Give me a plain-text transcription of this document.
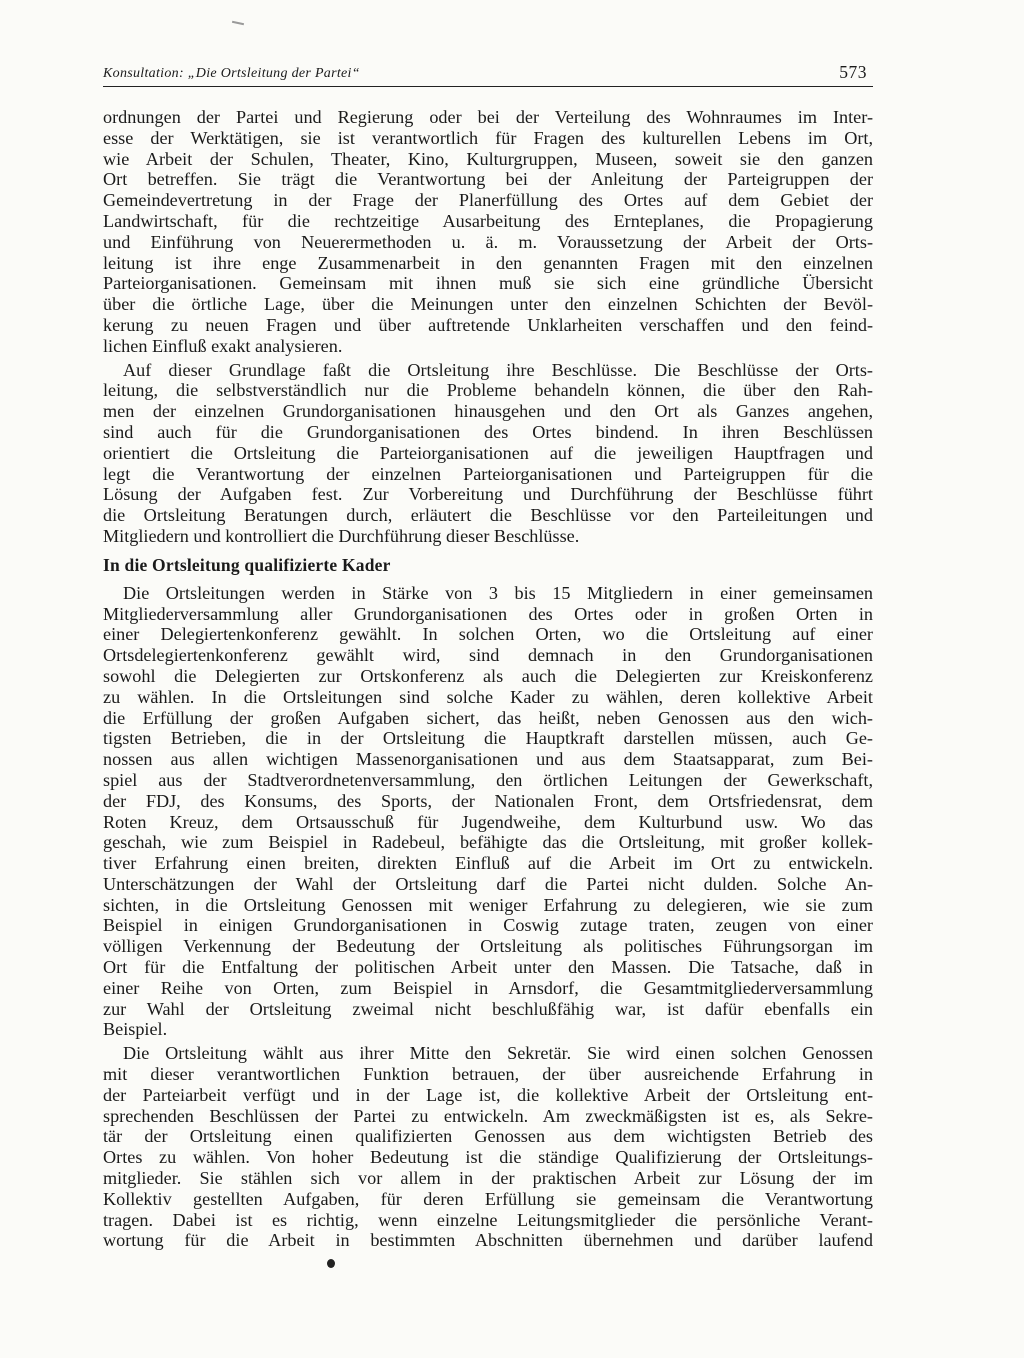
Konsultation: „Die Ortsleitung der Partei“	573
ordnungen der Partei und Regierung oder bei der Verteilung des Wohnraumes im Inter-
esse der Werktätigen, sie ist verantwortlich für Fragen des kulturellen Lebens im Ort,
wie Arbeit der Schulen, Theater, Kino, Kulturgruppen, Museen, soweit sie den ganzen
Ort betreffen. Sie trägt die Verantwortung bei der Anleitung der Parteigruppen der
Gemeindevertretung in der Frage der Planerfüllung des Ortes auf dem Gebiet der
Landwirtschaft, für die rechtzeitige Ausarbeitung des Ernteplanes, die Propagierung
und Einführung von Neuerermethoden u. ä. m. Voraussetzung der Arbeit der Orts-
leitung ist ihre enge Zusammenarbeit in den genannten Fragen mit den einzelnen
Parteiorganisationen. Gemeinsam mit ihnen muß sie sich eine gründliche Übersicht
über die örtliche Lage, über die Meinungen unter den einzelnen Schichten der Bevöl-
kerung zu neuen Fragen und über auftretende Unklarheiten verschaffen und den feind-
lichen Einfluß exakt analysieren.
Auf dieser Grundlage faßt die Ortsleitung ihre Beschlüsse. Die Beschlüsse der Orts-
leitung, die selbstverständlich nur die Probleme behandeln können, die über den Rah-
men der einzelnen Grundorganisationen hinausgehen und den Ort als Ganzes angehen,
sind auch für die Grundorganisationen des Ortes bindend. In ihren Beschlüssen
orientiert die Ortsleitung die Parteiorganisationen auf die jeweiligen Hauptfragen und
legt die Verantwortung der einzelnen Parteiorganisationen und Parteigruppen für die
Lösung der Aufgaben fest. Zur Vorbereitung und Durchführung der Beschlüsse führt
die Ortsleitung Beratungen durch, erläutert die Beschlüsse vor den Parteileitungen und
Mitgliedern und kontrolliert die Durchführung dieser Beschlüsse.
In die Ortsleitung qualifizierte Kader
Die Ortsleitungen werden in Stärke von 3 bis 15 Mitgliedern in einer gemeinsamen
Mitgliederversammlung aller Grundorganisationen des Ortes oder in großen Orten in
einer Delegiertenkonferenz gewählt. In solchen Orten, wo die Ortsleitung auf einer
Ortsdelegiertenkonferenz gewählt wird, sind demnach in den Grundorganisationen
sowohl die Delegierten zur Ortskonferenz als auch die Delegierten zur Kreiskonferenz
zu wählen. In die Ortsleitungen sind solche Kader zu wählen, deren kollektive Arbeit
die Erfüllung der großen Aufgaben sichert, das heißt, neben Genossen aus den wich-
tigsten Betrieben, die in der Ortsleitung die Hauptkraft darstellen müssen, auch Ge-
nossen aus allen wichtigen Massenorganisationen und aus dem Staatsapparat, zum Bei-
spiel aus der Stadtverordnetenversammlung, den örtlichen Leitungen der Gewerkschaft,
der FDJ, des Konsums, des Sports, der Nationalen Front, dem Ortsfriedensrat, dem
Roten Kreuz, dem Ortsausschuß für Jugendweihe, dem Kulturbund usw. Wo das
geschah, wie zum Beispiel in Radebeul, befähigte das die Ortsleitung, mit großer kollek-
tiver Erfahrung einen breiten, direkten Einfluß auf die Arbeit im Ort zu entwickeln.
Unterschätzungen der Wahl der Ortsleitung darf die Partei nicht dulden. Solche An-
sichten, in die Ortsleitung Genossen mit weniger Erfahrung zu delegieren, wie sie zum
Beispiel in einigen Grundorganisationen in Coswig zutage traten, zeugen von einer
völligen Verkennung der Bedeutung der Ortsleitung als politisches Führungsorgan im
Ort für die Entfaltung der politischen Arbeit unter den Massen. Die Tatsache, daß in
einer Reihe von Orten, zum Beispiel in Arnsdorf, die Gesamtmitgliederversammlung
zur Wahl der Ortsleitung zweimal nicht beschlußfähig war, ist dafür ebenfalls ein
Beispiel.
Die Ortsleitung wählt aus ihrer Mitte den Sekretär. Sie wird einen solchen Genossen
mit dieser verantwortlichen Funktion betrauen, der über ausreichende Erfahrung in
der Parteiarbeit verfügt und in der Lage ist, die kollektive Arbeit der Ortsleitung ent-
sprechenden Beschlüssen der Partei zu entwickeln. Am zweckmäßigsten ist es, als Sekre-
tär der Ortsleitung einen qualifizierten Genossen aus dem wichtigsten Betrieb des
Ortes zu wählen. Von hoher Bedeutung ist die ständige Qualifizierung der Ortsleitungs-
mitglieder. Sie stählen sich vor allem in der praktischen Arbeit zur Lösung der im
Kollektiv gestellten Aufgaben, für deren Erfüllung sie gemeinsam die Verantwortung
tragen. Dabei ist es richtig, wenn einzelne Leitungsmitglieder die persönliche Verant-
wortung für die Arbeit in bestimmten Abschnitten übernehmen und darüber laufend
